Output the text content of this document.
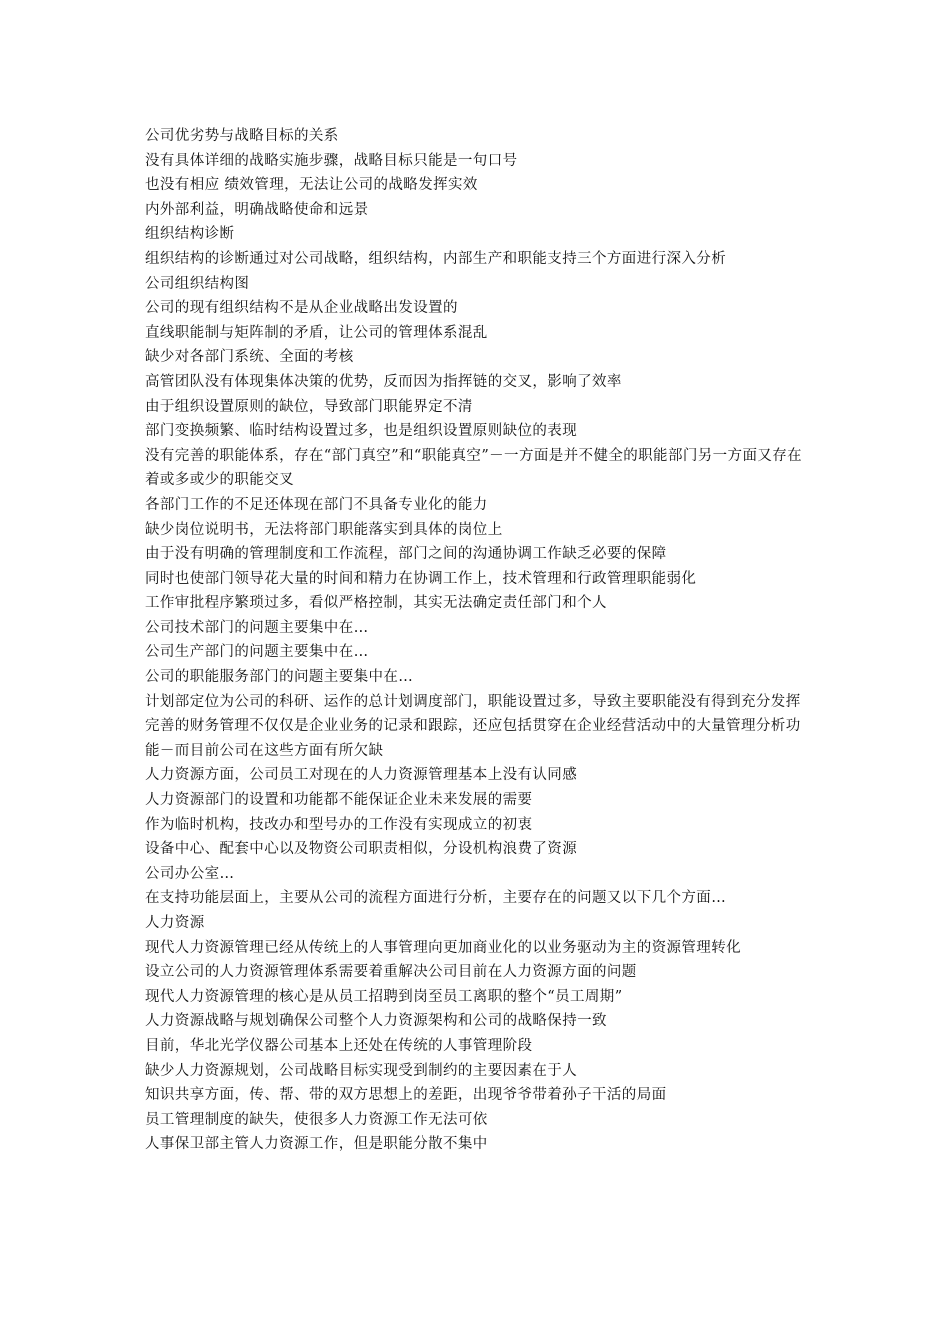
公司优劣势与战略目标的关系

没有具体详细的战略实施步骤，战略目标只能是一句口号

也没有相应 绩效管理，无法让公司的战略发挥实效

内外部利益，明确战略使命和远景

组织结构诊断

组织结构的诊断通过对公司战略，组织结构，内部生产和职能支持三个方面进行深入分析

公司组织结构图

公司的现有组织结构不是从企业战略出发设置的

直线职能制与矩阵制的矛盾，让公司的管理体系混乱

缺少对各部门系统、全面的考核

高管团队没有体现集体决策的优势，反而因为指挥链的交叉，影响了效率

由于组织设置原则的缺位，导致部门职能界定不清

部门变换频繁、临时结构设置过多，也是组织设置原则缺位的表现

没有完善的职能体系，存在“部门真空”和“职能真空”－一方面是并不健全的职能部门另一方面又存在着或多或少的职能交叉

各部门工作的不足还体现在部门不具备专业化的能力

缺少岗位说明书，无法将部门职能落实到具体的岗位上

由于没有明确的管理制度和工作流程，部门之间的沟通协调工作缺乏必要的保障

同时也使部门领导花大量的时间和精力在协调工作上，技术管理和行政管理职能弱化

工作审批程序繁琐过多，看似严格控制，其实无法确定责任部门和个人

公司技术部门的问题主要集中在…

公司生产部门的问题主要集中在…

公司的职能服务部门的问题主要集中在…

计划部定位为公司的科研、运作的总计划调度部门，职能设置过多，导致主要职能没有得到充分发挥

完善的财务管理不仅仅是企业业务的记录和跟踪，还应包括贯穿在企业经营活动中的大量管理分析功能－而目前公司在这些方面有所欠缺

人力资源方面，公司员工对现在的人力资源管理基本上没有认同感

人力资源部门的设置和功能都不能保证企业未来发展的需要

作为临时机构，技改办和型号办的工作没有实现成立的初衷

设备中心、配套中心以及物资公司职责相似，分设机构浪费了资源

公司办公室…

在支持功能层面上，主要从公司的流程方面进行分析，主要存在的问题又以下几个方面…

人力资源

现代人力资源管理已经从传统上的人事管理向更加商业化的以业务驱动为主的资源管理转化

设立公司的人力资源管理体系需要着重解决公司目前在人力资源方面的问题

现代人力资源管理的核心是从员工招聘到岗至员工离职的整个“员工周期”

人力资源战略与规划确保公司整个人力资源架构和公司的战略保持一致

目前，华北光学仪器公司基本上还处在传统的人事管理阶段

缺少人力资源规划，公司战略目标实现受到制约的主要因素在于人

知识共享方面，传、帮、带的双方思想上的差距，出现爷爷带着孙子干活的局面

员工管理制度的缺失，使很多人力资源工作无法可依

人事保卫部主管人力资源工作，但是职能分散不集中
